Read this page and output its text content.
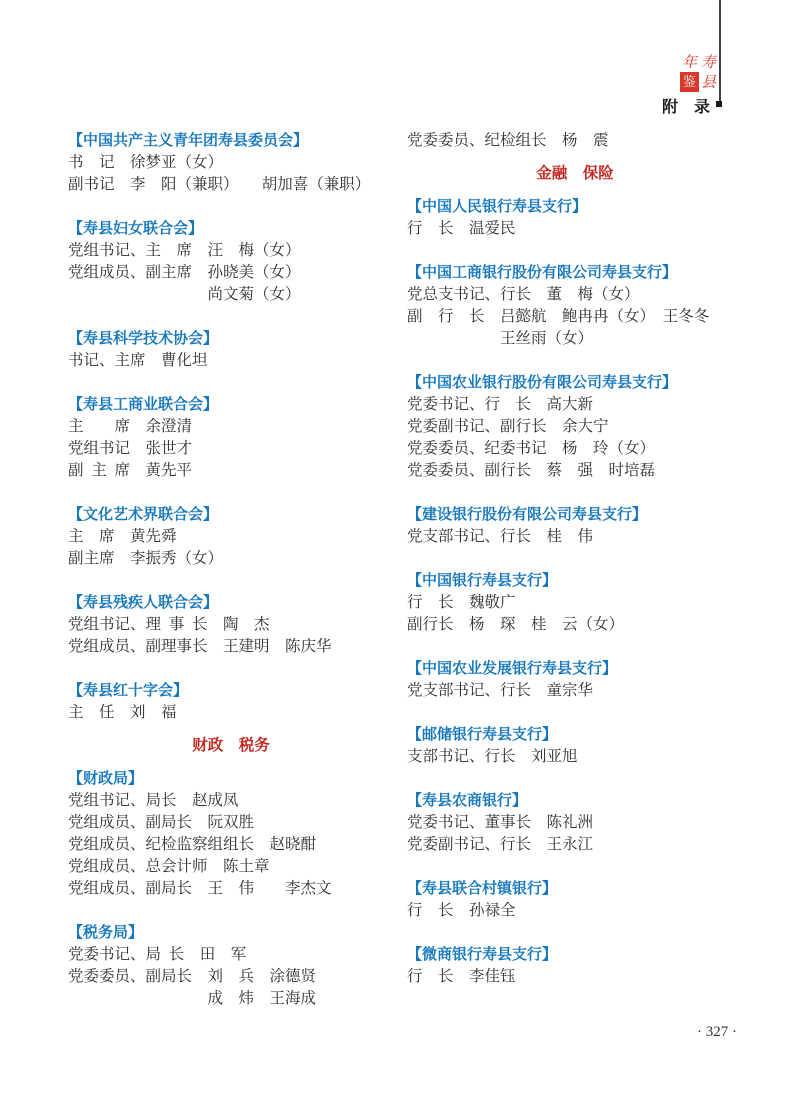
年 寿
鉴 县
附　录
【中国共产主义青年团寿县委员会】
书　记　徐梦亚（女）
副书记　李　阳（兼职）　　胡加喜（兼职）
【寿县妇女联合会】
党组书记、主　席　汪　梅（女）
党组成员、副主席　孙晓美（女）
　　　　　　　　　尚文菊（女）
【寿县科学技术协会】
书记、主席　曹化坦
【寿县工商业联合会】
主　　席　余澄清
党组书记　张世才
副 主 席　黄先平
【文化艺术界联合会】
主　席　黄先舜
副主席　李振秀（女）
【寿县残疾人联合会】
党组书记、理 事 长　陶　杰
党组成员、副理事长　王建明　陈庆华
【寿县红十字会】
主　任　刘　福
财政　税务
【财政局】
党组书记、局长　赵成凤
党组成员、副局长　阮双胜
党组成员、纪检监察组组长　赵晓酣
党组成员、总会计师　陈土章
党组成员、副局长　王　伟　　李杰文
【税务局】
党委书记、局 长　田　军
党委委员、副局长　刘　兵　涂德贤
　　　　　　　　　成　炜　王海成
党委委员、纪检组长　杨　震
金融　保险
【中国人民银行寿县支行】
行　长　温爱民
【中国工商银行股份有限公司寿县支行】
党总支书记、行长　董　梅（女）
副　行　长　吕懿航　鲍冉冉（女）　王冬冬
　　　　　　王丝雨（女）
【中国农业银行股份有限公司寿县支行】
党委书记、行　长　高大新
党委副书记、副行长　余大宁
党委委员、纪委书记　杨　玲（女）
党委委员、副行长　蔡　强　时培磊
【建设银行股份有限公司寿县支行】
党支部书记、行长　桂　伟
【中国银行寿县支行】
行　长　魏敬广
副行长　杨　琛　桂　云（女）
【中国农业发展银行寿县支行】
党支部书记、行长　童宗华
【邮储银行寿县支行】
支部书记、行长　刘亚旭
【寿县农商银行】
党委书记、董事长　陈礼洲
党委副书记、行长　王永江
【寿县联合村镇银行】
行　长　孙禄全
【微商银行寿县支行】
行　长　李佳钰
· 327 ·
